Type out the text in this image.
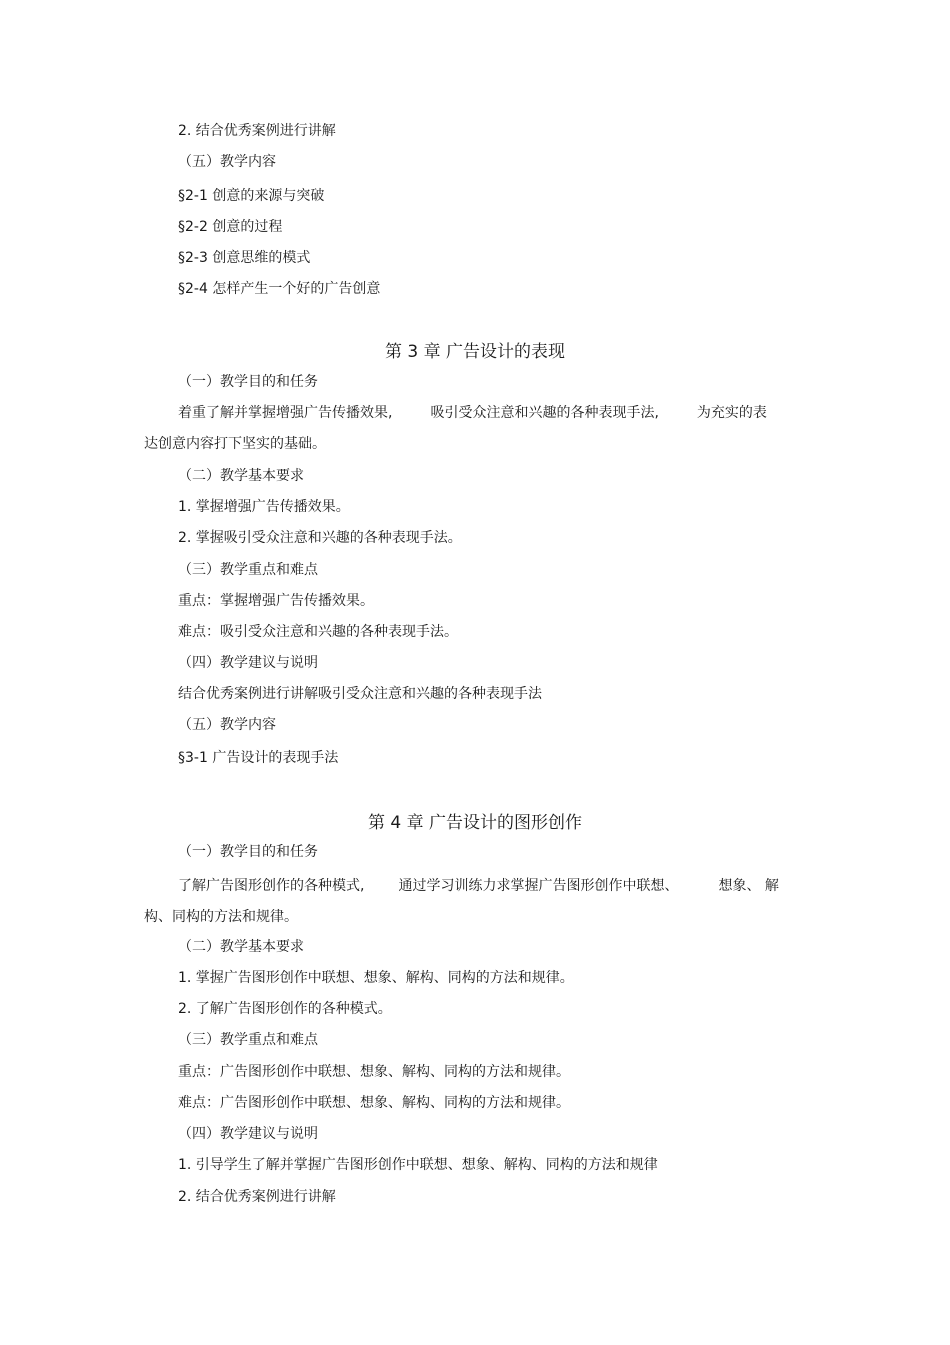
2. 结合优秀案例进行讲解
（五）教学内容
§2-1 创意的来源与突破
§2-2 创意的过程
§2-3 创意思维的模式
§2-4 怎样产生一个好的广告创意
第 3 章 广告设计的表现
（一）教学目的和任务
着重了解并掌握增强广告传播效果,	吸引受众注意和兴趣的各种表现手法,	为充实的表
达创意内容打下坚实的基础。
（二）教学基本要求
1. 掌握增强广告传播效果。
2. 掌握吸引受众注意和兴趣的各种表现手法。
（三）教学重点和难点
重点：掌握增强广告传播效果。
难点：吸引受众注意和兴趣的各种表现手法。
（四）教学建议与说明
结合优秀案例进行讲解吸引受众注意和兴趣的各种表现手法
（五）教学内容
§3-1 广告设计的表现手法
第 4 章 广告设计的图形创作
（一）教学目的和任务
了解广告图形创作的各种模式, 通过学习训练力求掌握广告图形创作中联想、	想象、 解
构、同构的方法和规律。
（二）教学基本要求
1. 掌握广告图形创作中联想、想象、解构、同构的方法和规律。
2. 了解广告图形创作的各种模式。
（三）教学重点和难点
重点：广告图形创作中联想、想象、解构、同构的方法和规律。
难点：广告图形创作中联想、想象、解构、同构的方法和规律。
（四）教学建议与说明
1. 引导学生了解并掌握广告图形创作中联想、想象、解构、同构的方法和规律
2. 结合优秀案例进行讲解
